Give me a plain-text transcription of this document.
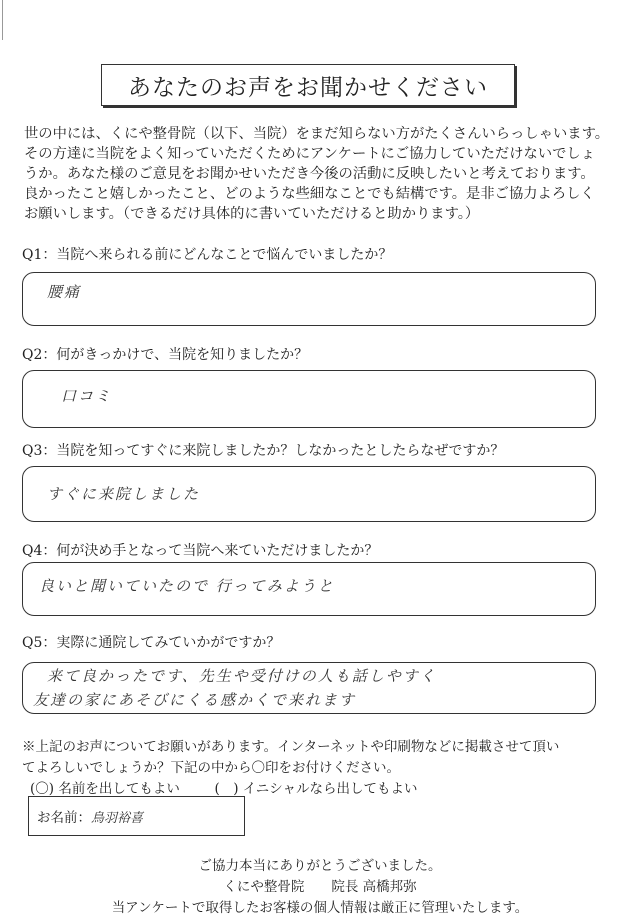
あなたのお声をお聞かせください
世の中には、くにや整骨院（以下、当院）をまだ知らない方がたくさんいらっしゃいます。
その方達に当院をよく知っていただくためにアンケートにご協力していただけないでしょ
うか。あなた様のご意見をお聞かせいただき今後の活動に反映したいと考えております。
良かったこと嬉しかったこと、どのような些細なことでも結構です。是非ご協力よろしく
お願いします。（できるだけ具体的に書いていただけると助かります。）
Q1：当院へ来られる前にどんなことで悩んでいましたか？
腰痛
Q2：何がきっかけで、当院を知りましたか？
口コミ
Q3：当院を知ってすぐに来院しましたか？しなかったとしたらなぜですか？
すぐに来院しました
Q4：何が決め手となって当院へ来ていただけましたか？
良いと聞いていたので 行ってみようと
Q5：実際に通院してみていかがですか？
来て良かったです、先生や受付けの人も話しやすく
友達の家にあそびにくる感かくで来れます
※上記のお声についてお願いがあります。インターネットや印刷物などに掲載させて頂い
てよろしいでしょうか？下記の中から〇印をお付けください。
(〇) 名前を出してもよい	(　) イニシャルなら出してもよい
お名前： 鳥羽裕喜
ご協力本当にありがとうございました。
くにや整骨院　　院長 高橋邦弥
当アンケートで取得したお客様の個人情報は厳正に管理いたします。
